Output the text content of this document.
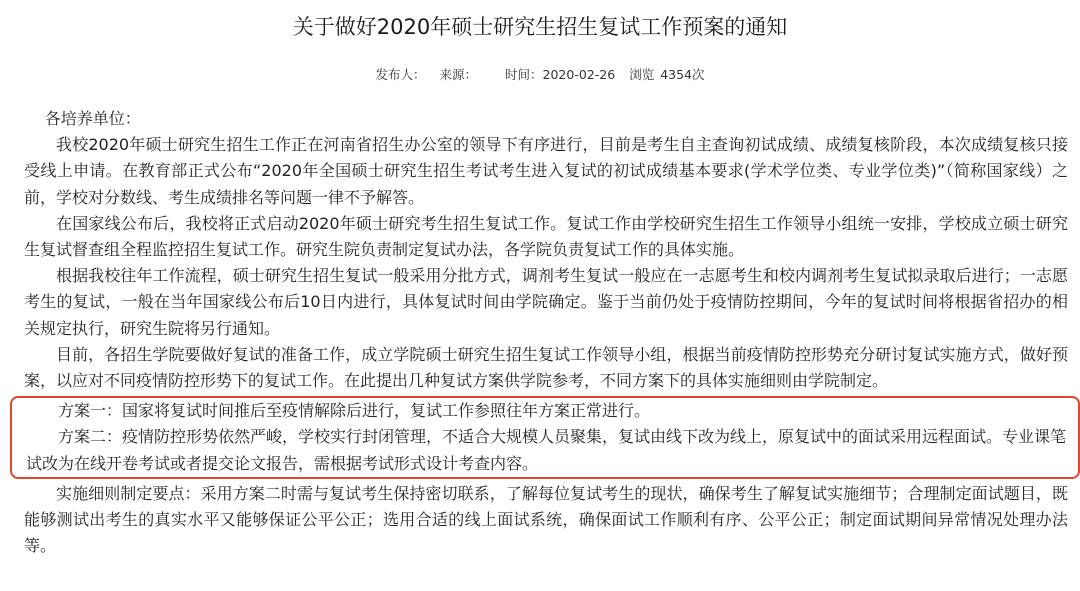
关于做好2020年硕士研究生招生复试工作预案的通知
发布人： 来源： 时间：2020-02-26 浏览 4354次

各培养单位：

我校2020年硕士研究生招生工作正在河南省招生办公室的领导下有序进行，目前是考生自主查询初试成绩、成绩复核阶段，本次成绩复核只接受线上申请。在教育部正式公布“2020年全国硕士研究生招生考试考生进入复试的初试成绩基本要求(学术学位类、专业学位类)”（简称国家线）之前，学校对分数线、考生成绩排名等问题一律不予解答。

在国家线公布后，我校将正式启动2020年硕士研究考生招生复试工作。复试工作由学校研究生招生工作领导小组统一安排，学校成立硕士研究生复试督查组全程监控招生复试工作。研究生院负责制定复试办法，各学院负责复试工作的具体实施。

根据我校往年工作流程，硕士研究生招生复试一般采用分批方式，调剂考生复试一般应在一志愿考生和校内调剂考生复试拟录取后进行；一志愿考生的复试，一般在当年国家线公布后10日内进行，具体复试时间由学院确定。鉴于当前仍处于疫情防控期间，今年的复试时间将根据省招办的相关规定执行，研究生院将另行通知。

目前，各招生学院要做好复试的准备工作，成立学院硕士研究生招生复试工作领导小组，根据当前疫情防控形势充分研讨复试实施方式，做好预案，以应对不同疫情防控形势下的复试工作。在此提出几种复试方案供学院参考，不同方案下的具体实施细则由学院制定。

方案一：国家将复试时间推后至疫情解除后进行，复试工作参照往年方案正常进行。

方案二：疫情防控形势依然严峻，学校实行封闭管理，不适合大规模人员聚集，复试由线下改为线上，原复试中的面试采用远程面试。专业课笔试改为在线开卷考试或者提交论文报告，需根据考试形式设计考查内容。

实施细则制定要点：采用方案二时需与复试考生保持密切联系，了解每位复试考生的现状，确保考生了解复试实施细节；合理制定面试题目，既能够测试出考生的真实水平又能够保证公平公正；选用合适的线上面试系统，确保面试工作顺利有序、公平公正；制定面试期间异常情况处理办法等。
